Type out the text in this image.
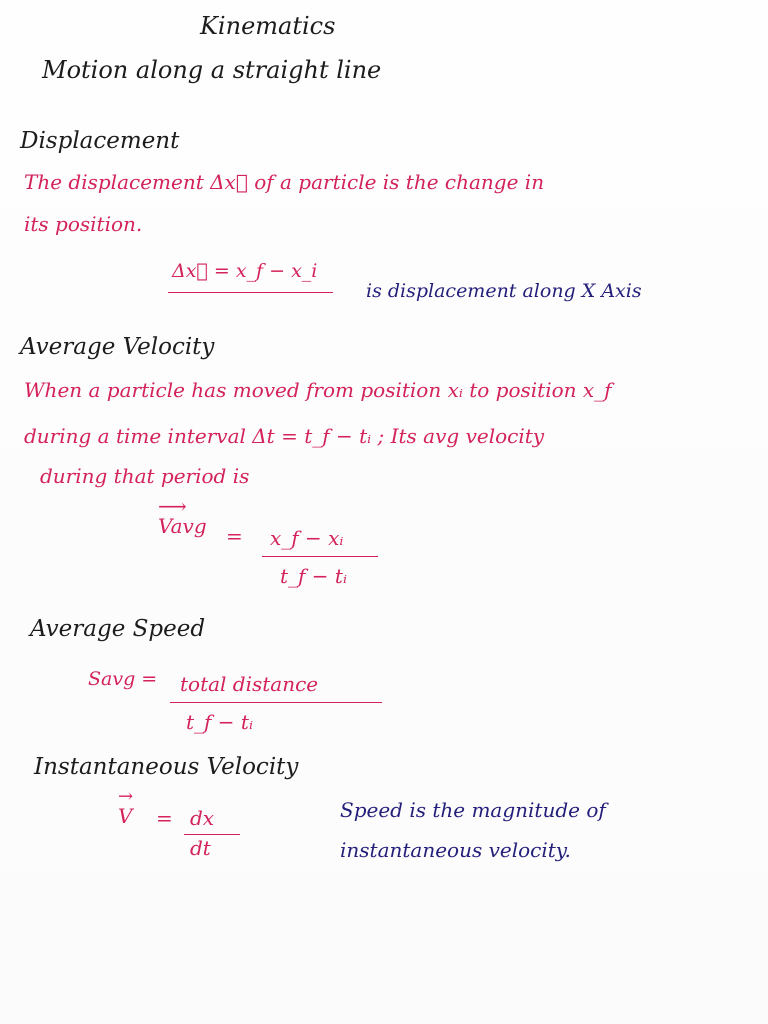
Kinematics
Motion along a straight line
Displacement
The displacement Δx⃗ of a particle is the change in
its position.
Δx⃗ = x_f − x_i
is displacement along X Axis
Average Velocity
When a particle has moved from position xᵢ to position x_f
during a time interval Δt = t_f − tᵢ ; Its avg velocity
during that period is
⟶
Vavg = x_f − xᵢ
t_f − tᵢ
Average Speed
Savg = total distance
t_f − tᵢ
Instantaneous Velocity
→
V = dx
dt
Speed is the magnitude of
instantaneous velocity.
